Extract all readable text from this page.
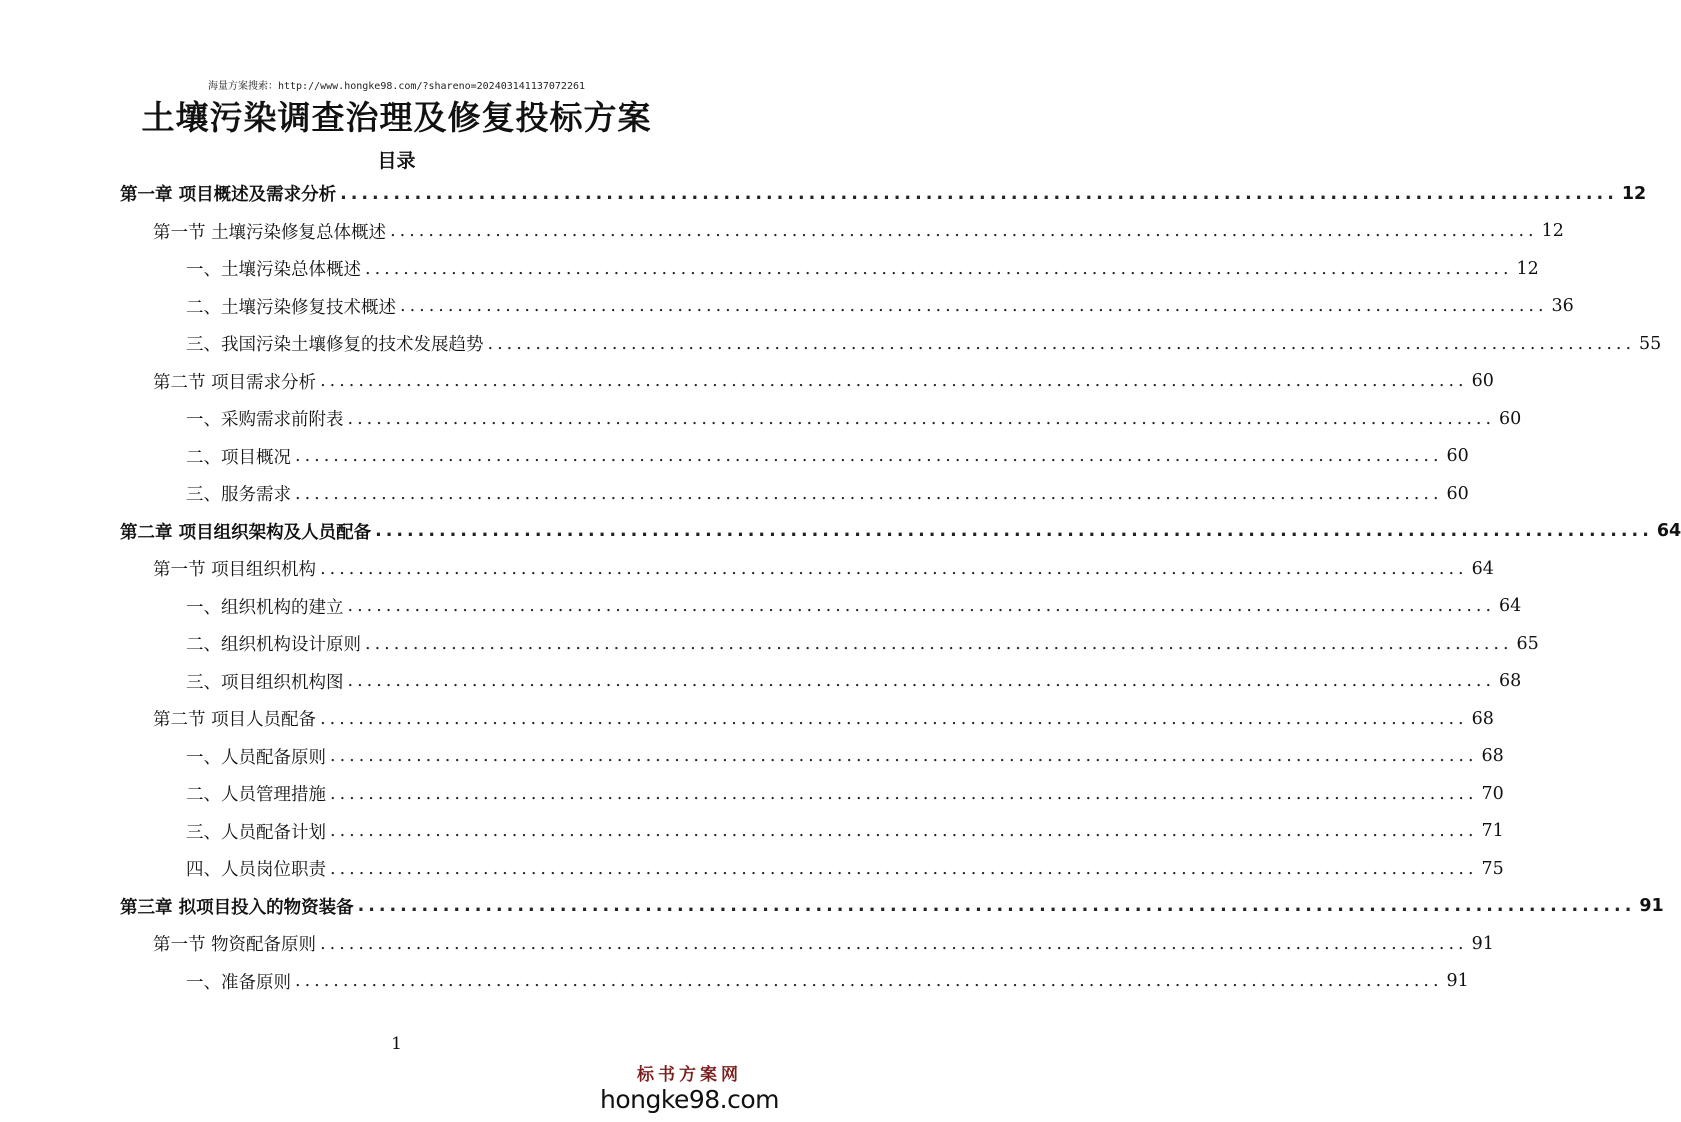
海量方案搜索：http://www.hongke98.com/?shareno=202403141137072261
土壤污染调查治理及修复投标方案
目录
第一章 项目概述及需求分析 ........................................................................................................................ 12
第一节 土壤污染修复总体概述 ........................................................................................................................ 12
一、土壤污染总体概述 ........................................................................................................................ 12
二、土壤污染修复技术概述 ........................................................................................................................ 36
三、我国污染土壤修复的技术发展趋势 ........................................................................................................................ 55
第二节 项目需求分析 ........................................................................................................................ 60
一、采购需求前附表 ........................................................................................................................ 60
二、项目概况 ........................................................................................................................ 60
三、服务需求 ........................................................................................................................ 60
第二章 项目组织架构及人员配备 ........................................................................................................................ 64
第一节 项目组织机构 ........................................................................................................................ 64
一、组织机构的建立 ........................................................................................................................ 64
二、组织机构设计原则 ........................................................................................................................ 65
三、项目组织机构图 ........................................................................................................................ 68
第二节 项目人员配备 ........................................................................................................................ 68
一、人员配备原则 ........................................................................................................................ 68
二、人员管理措施 ........................................................................................................................ 70
三、人员配备计划 ........................................................................................................................ 71
四、人员岗位职责 ........................................................................................................................ 75
第三章 拟项目投入的物资装备 ........................................................................................................................ 91
第一节 物资配备原则 ........................................................................................................................ 91
一、准备原则 ........................................................................................................................ 91
1
标书方案网
hongke98.com
